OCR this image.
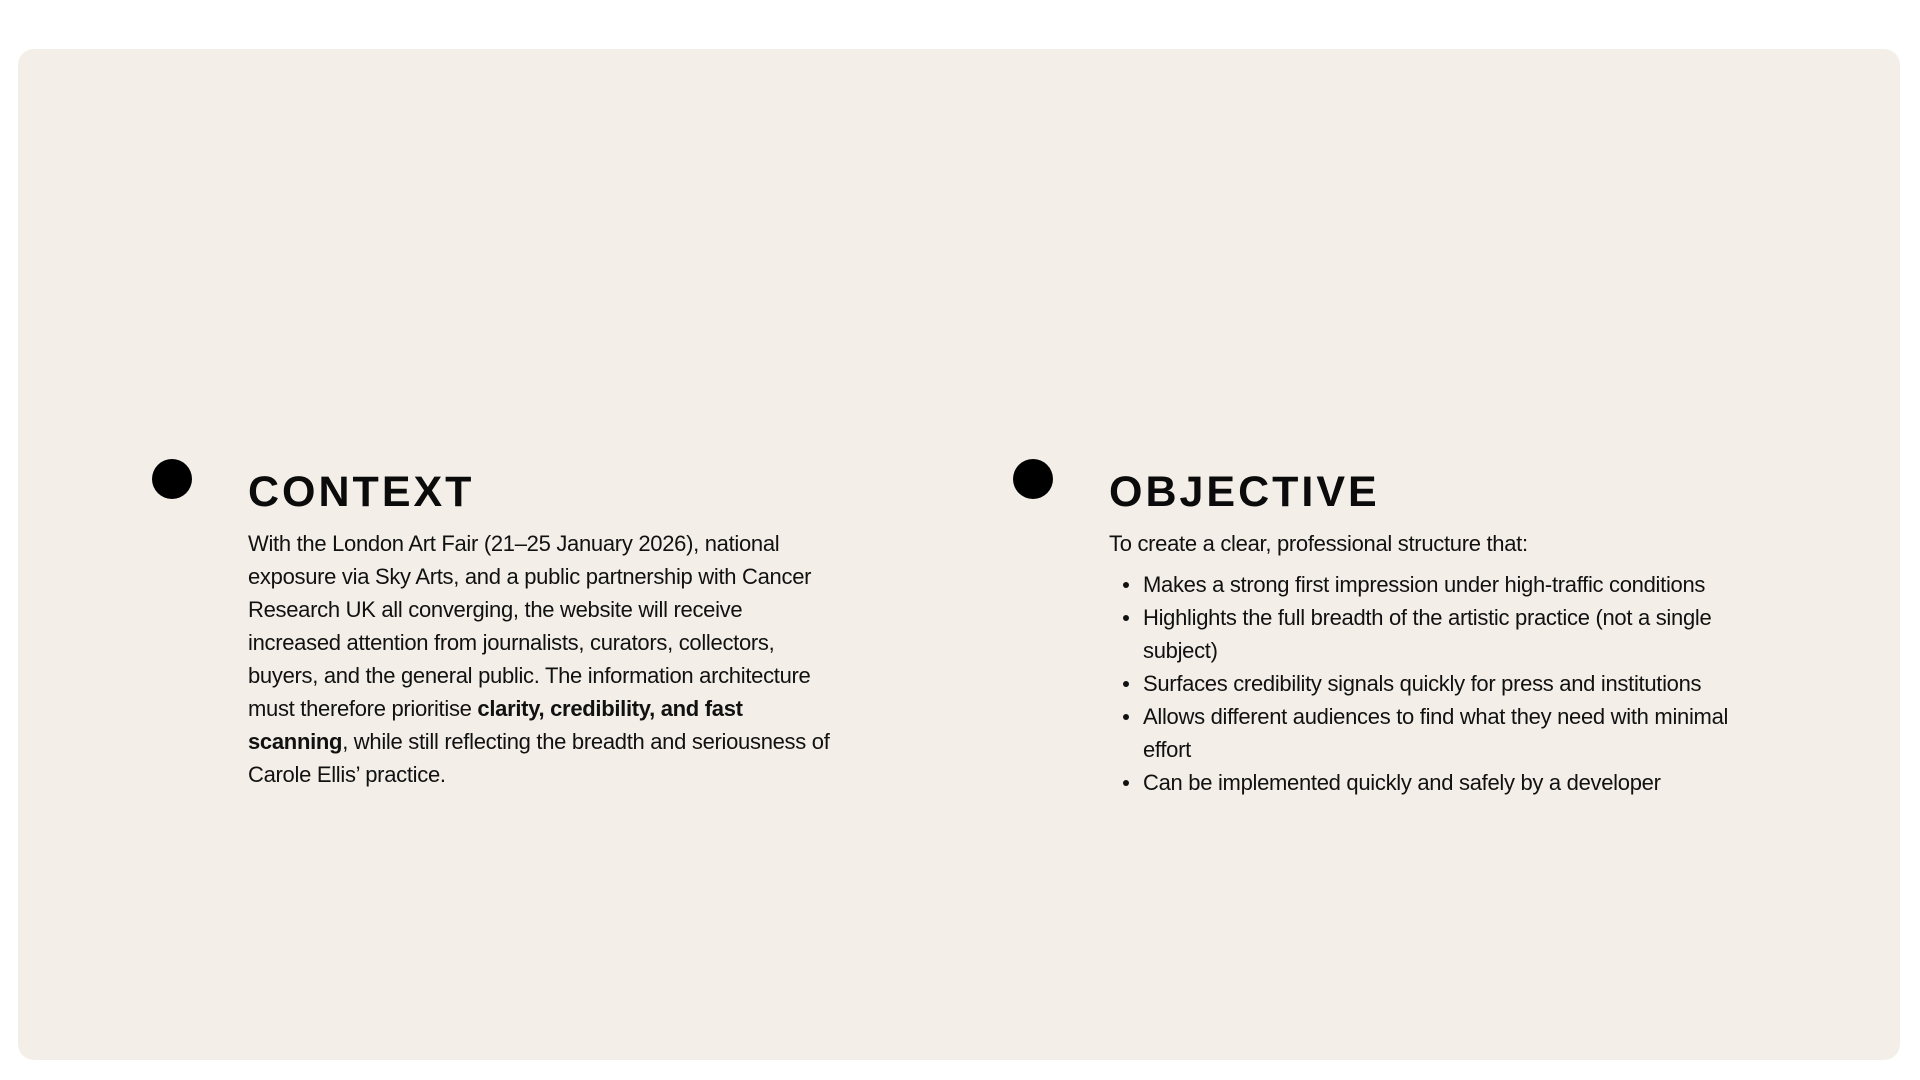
CONTEXT

With the London Art Fair (21–25 January 2026), national exposure via Sky Arts, and a public partnership with Cancer Research UK all converging, the website will receive increased attention from journalists, curators, collectors, buyers, and the general public. The information architecture must therefore prioritise clarity, credibility, and fast scanning, while still reflecting the breadth and seriousness of Carole Ellis’ practice.

OBJECTIVE

To create a clear, professional structure that:

Makes a strong first impression under high-traffic conditions
Highlights the full breadth of the artistic practice (not a single subject)
Surfaces credibility signals quickly for press and institutions
Allows different audiences to find what they need with minimal effort
Can be implemented quickly and safely by a developer
